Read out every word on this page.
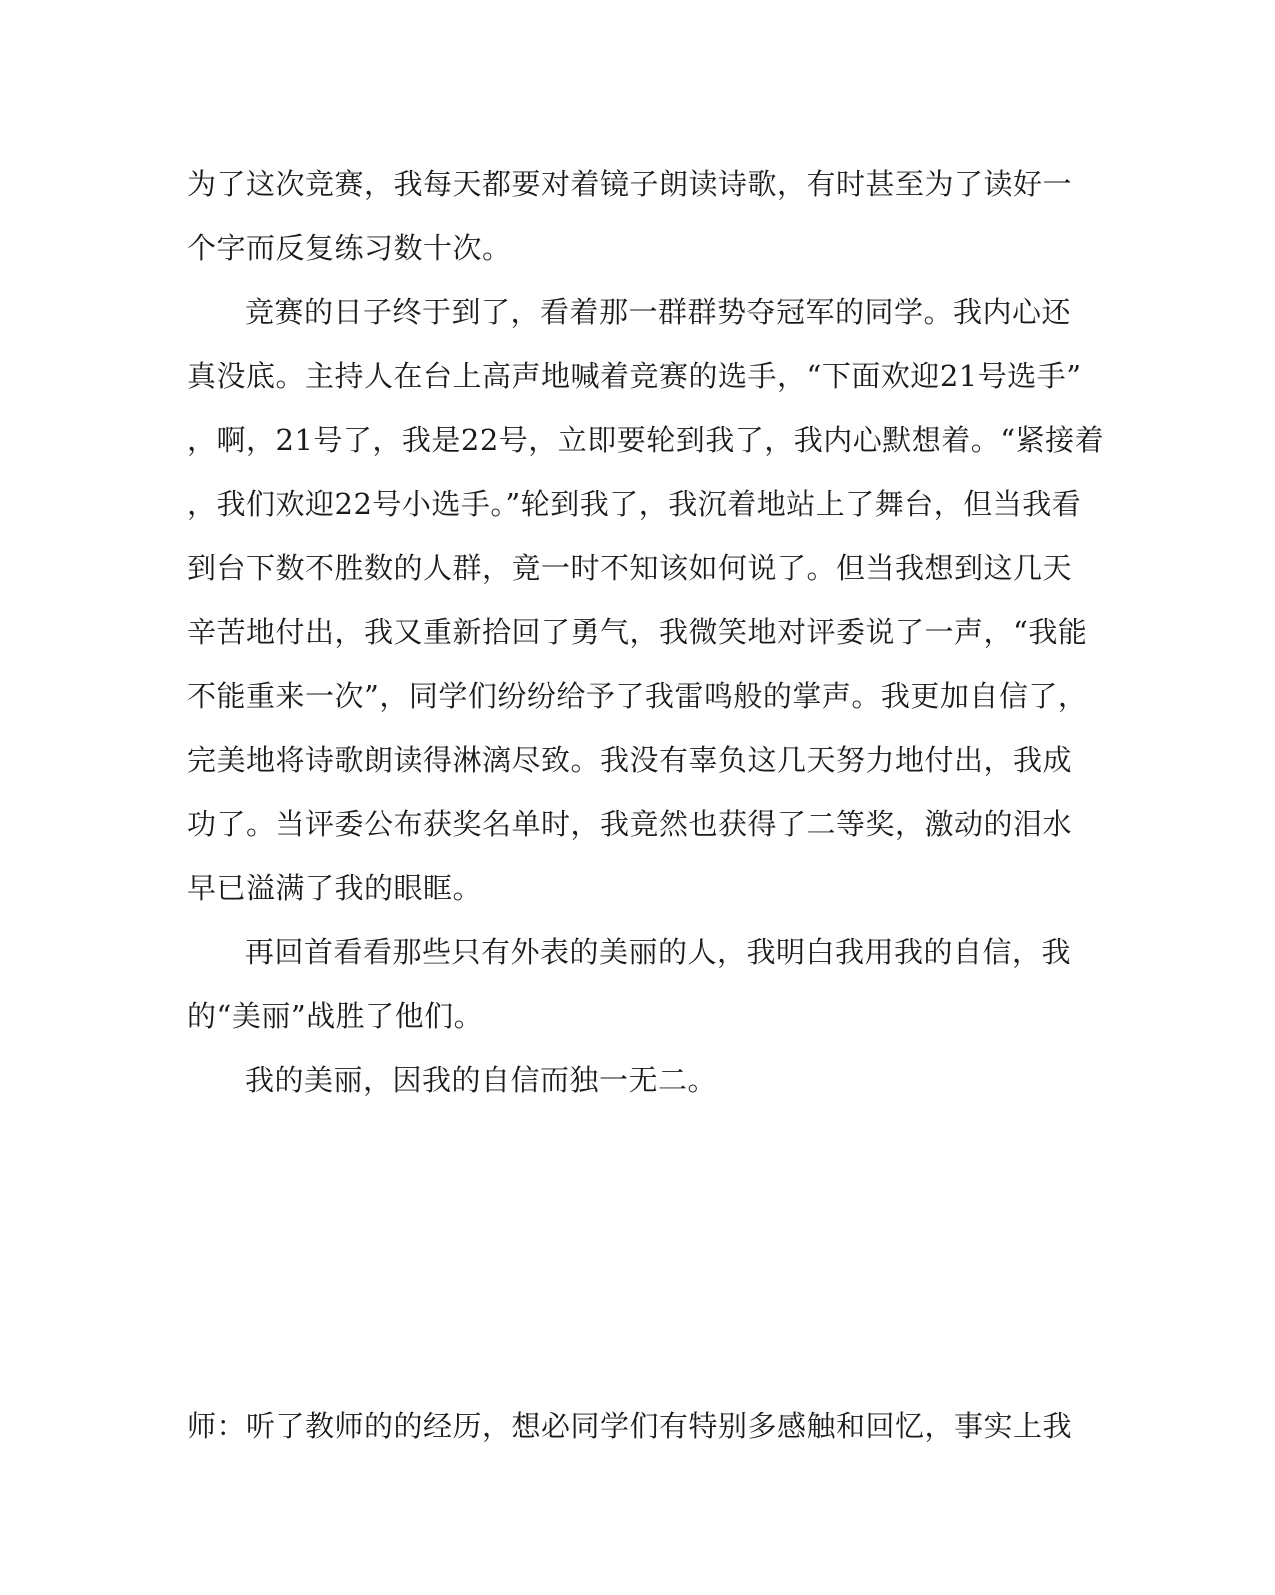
为了这次竞赛，我每天都要对着镜子朗读诗歌，有时甚至为了读好一
个字而反复练习数十次。
竞赛的日子终于到了，看着那一群群势夺冠军的同学。我内心还
真没底。主持人在台上高声地喊着竞赛的选手，“下面欢迎21号选手”
，啊，21号了，我是22号，立即要轮到我了，我内心默想着。“紧接着
，我们欢迎22号小选手。”轮到我了，我沉着地站上了舞台，但当我看
到台下数不胜数的人群，竟一时不知该如何说了。但当我想到这几天
辛苦地付出，我又重新拾回了勇气，我微笑地对评委说了一声，“我能
不能重来一次”，同学们纷纷给予了我雷鸣般的掌声。我更加自信了，
完美地将诗歌朗读得淋漓尽致。我没有辜负这几天努力地付出，我成
功了。当评委公布获奖名单时，我竟然也获得了二等奖，激动的泪水
早已溢满了我的眼眶。
再回首看看那些只有外表的美丽的人，我明白我用我的自信，我
的“美丽”战胜了他们。
我的美丽，因我的自信而独一无二。
师：听了教师的的经历，想必同学们有特别多感触和回忆，事实上我
